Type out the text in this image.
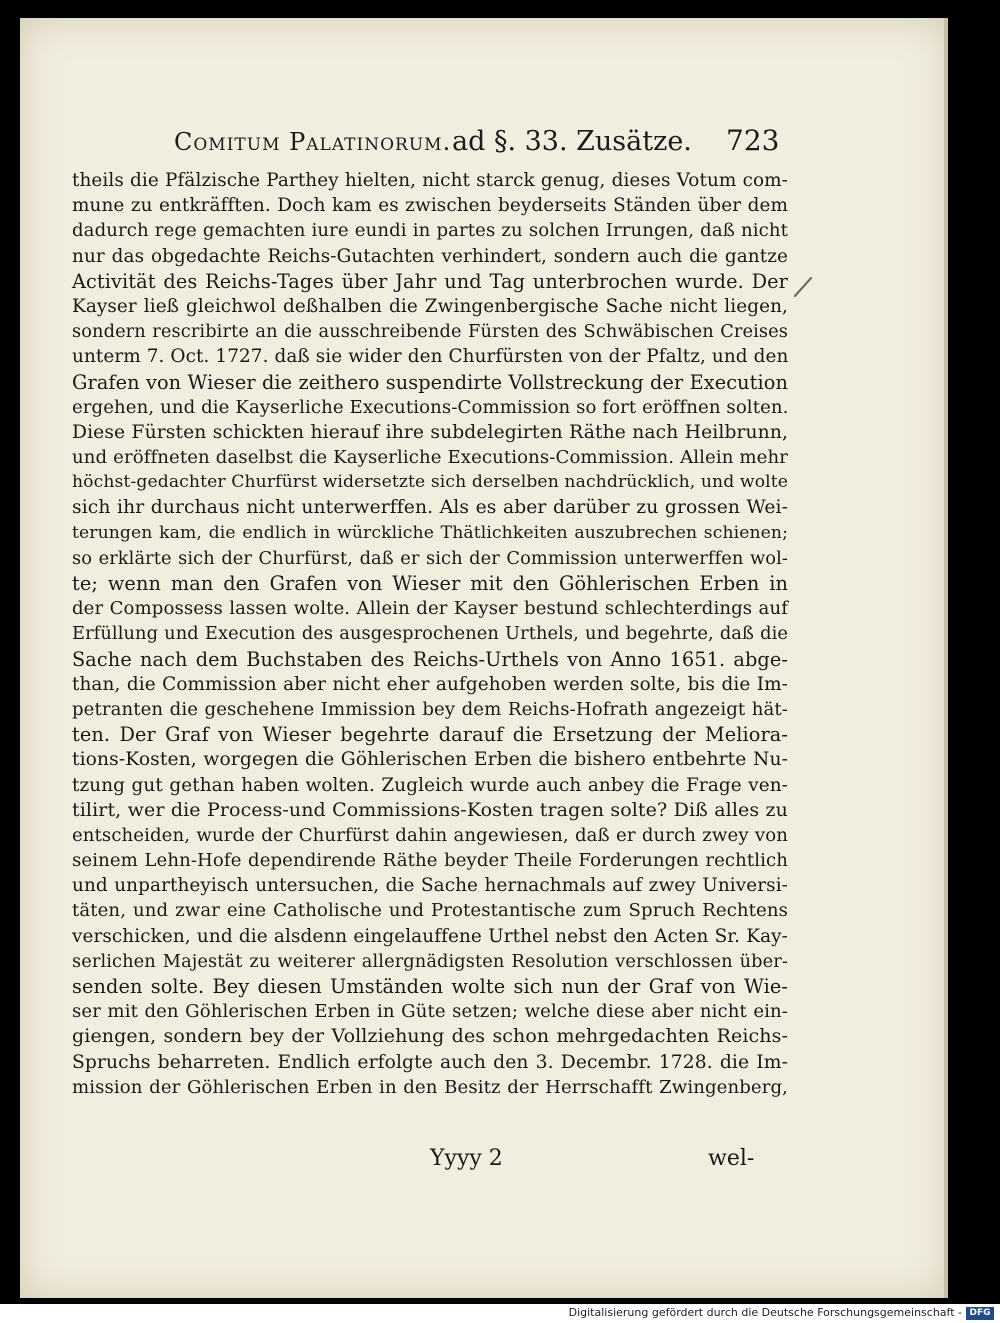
Comitum Palatinorum. ad §. 33. Zusätze. 723
theils die Pfälzische Parthey hielten, nicht starck genug, dieses Votum com-
mune zu entkräfften. Doch kam es zwischen beyderseits Ständen über dem
dadurch rege gemachten iure eundi in partes zu solchen Irrungen, daß nicht
nur das obgedachte Reichs-Gutachten verhindert, sondern auch die gantze
Activität des Reichs-Tages über Jahr und Tag unterbrochen wurde. Der
Kayser ließ gleichwol deßhalben die Zwingenbergische Sache nicht liegen,
sondern rescribirte an die ausschreibende Fürsten des Schwäbischen Creises
unterm 7. Oct. 1727. daß sie wider den Churfürsten von der Pfaltz, und den
Grafen von Wieser die zeithero suspendirte Vollstreckung der Execution
ergehen, und die Kayserliche Executions-Commission so fort eröffnen solten.
Diese Fürsten schickten hierauf ihre subdelegirten Räthe nach Heilbrunn,
und eröffneten daselbst die Kayserliche Executions-Commission. Allein mehr
höchst-gedachter Churfürst widersetzte sich derselben nachdrücklich, und wolte
sich ihr durchaus nicht unterwerffen. Als es aber darüber zu grossen Wei-
terungen kam, die endlich in würckliche Thätlichkeiten auszubrechen schienen;
so erklärte sich der Churfürst, daß er sich der Commission unterwerffen wol-
te; wenn man den Grafen von Wieser mit den Göhlerischen Erben in
der Compossess lassen wolte. Allein der Kayser bestund schlechterdings auf
Erfüllung und Execution des ausgesprochenen Urthels, und begehrte, daß die
Sache nach dem Buchstaben des Reichs-Urthels von Anno 1651. abge-
than, die Commission aber nicht eher aufgehoben werden solte, bis die Im-
petranten die geschehene Immission bey dem Reichs-Hofrath angezeigt hät-
ten. Der Graf von Wieser begehrte darauf die Ersetzung der Meliora-
tions-Kosten, worgegen die Göhlerischen Erben die bishero entbehrte Nu-
tzung gut gethan haben wolten. Zugleich wurde auch anbey die Frage ven-
tilirt, wer die Process-und Commissions-Kosten tragen solte? Diß alles zu
entscheiden, wurde der Churfürst dahin angewiesen, daß er durch zwey von
seinem Lehn-Hofe dependirende Räthe beyder Theile Forderungen rechtlich
und unpartheyisch untersuchen, die Sache hernachmals auf zwey Universi-
täten, und zwar eine Catholische und Protestantische zum Spruch Rechtens
verschicken, und die alsdenn eingelauffene Urthel nebst den Acten Sr. Kay-
serlichen Majestät zu weiterer allergnädigsten Resolution verschlossen über-
senden solte. Bey diesen Umständen wolte sich nun der Graf von Wie-
ser mit den Göhlerischen Erben in Güte setzen; welche diese aber nicht ein-
giengen, sondern bey der Vollziehung des schon mehrgedachten Reichs-
Spruchs beharreten. Endlich erfolgte auch den 3. Decembr. 1728. die Im-
mission der Göhlerischen Erben in den Besitz der Herrschafft Zwingenberg,
Yyyy 2	wel-
Digitalisierung gefördert durch die Deutsche Forschungsgemeinschaft - DFG
